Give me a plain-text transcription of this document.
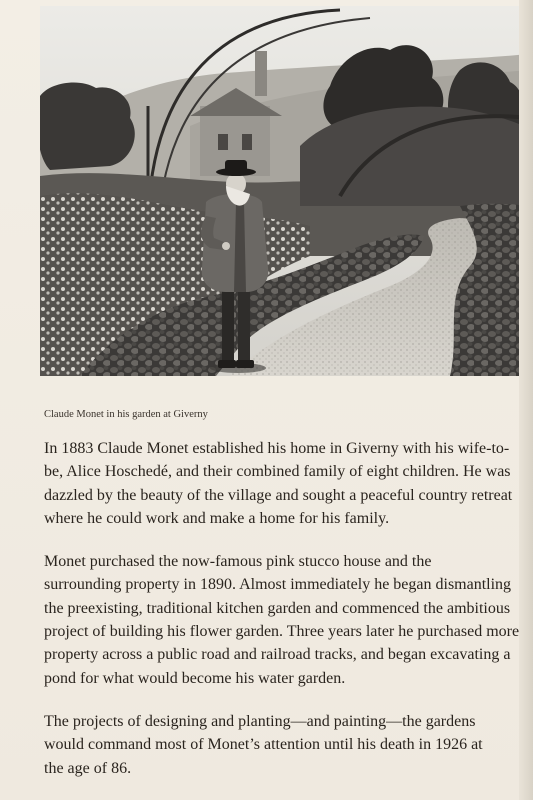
Claude Monet in his garden at Giverny

In 1883 Claude Monet established his home in Giverny with his wife-to-
be, Alice Hoschedé, and their combined family of eight children. He was
dazzled by the beauty of the village and sought a peaceful country retreat
where he could work and make a home for his family.

Monet purchased the now-famous pink stucco house and the
surrounding property in 1890. Almost immediately he began dismantling
the preexisting, traditional kitchen garden and commenced the ambitious
project of building his flower garden. Three years later he purchased more
property across a public road and railroad tracks, and began excavating a
pond for what would become his water garden.

The projects of designing and planting—and painting—the gardens
would command most of Monet’s attention until his death in 1926 at
the age of 86.
